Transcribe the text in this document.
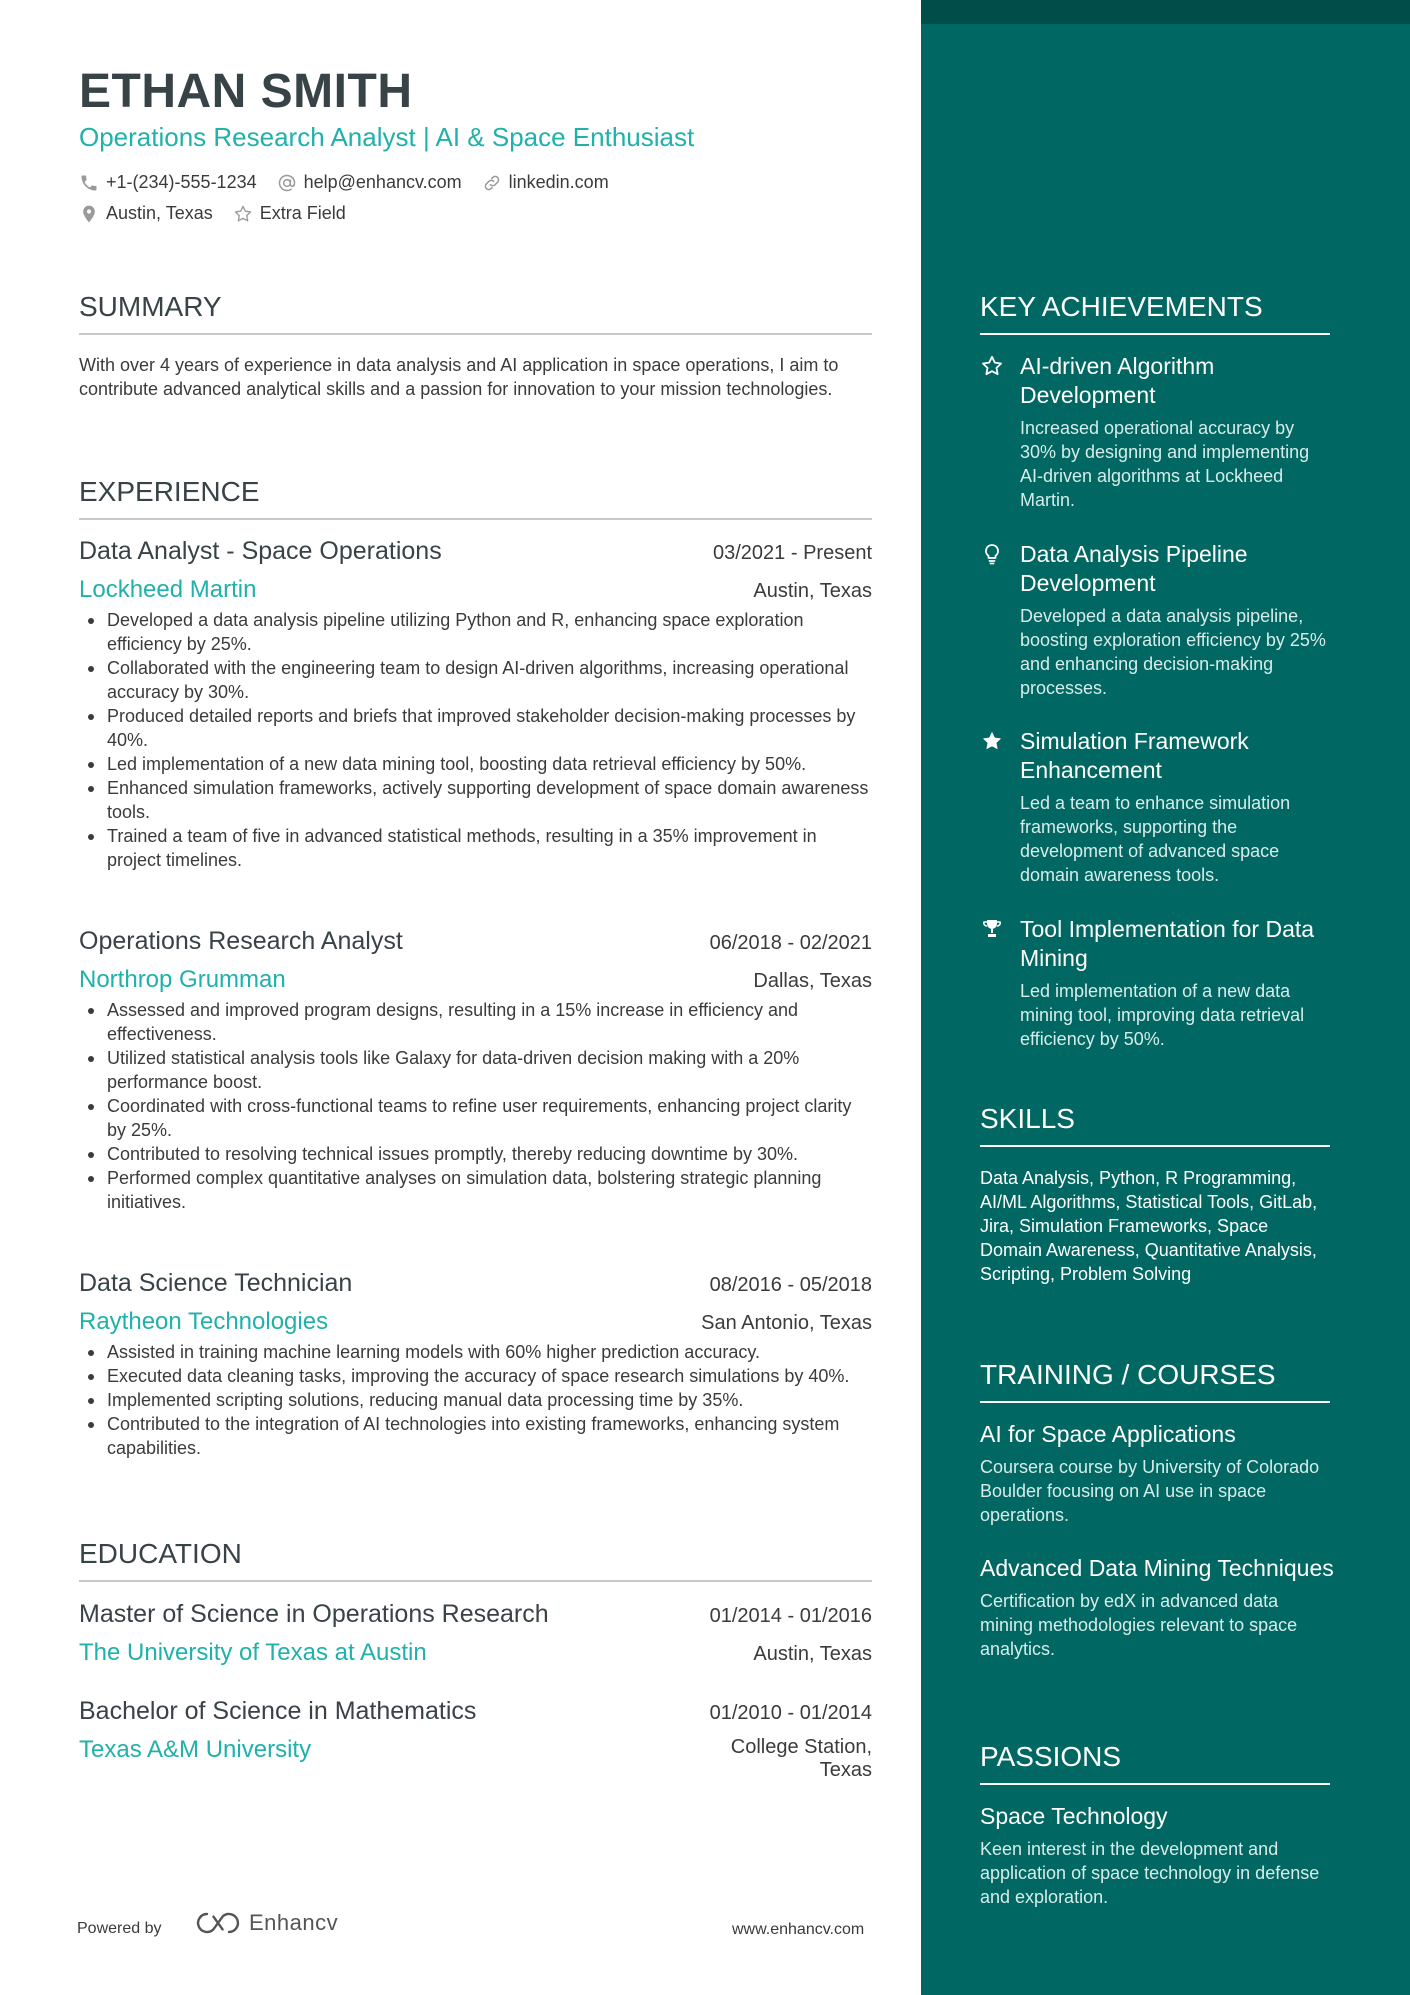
ETHAN SMITH
Operations Research Analyst | AI & Space Enthusiast
+1-(234)-555-1234	help@enhancv.com	linkedin.com
Austin, Texas	Extra Field
SUMMARY
With over 4 years of experience in data analysis and AI application in space operations, I aim to contribute advanced analytical skills and a passion for innovation to your mission technologies.
EXPERIENCE
Data Analyst - Space Operations	03/2021 - Present
Lockheed Martin	Austin, Texas
Developed a data analysis pipeline utilizing Python and R, enhancing space exploration efficiency by 25%.
Collaborated with the engineering team to design AI-driven algorithms, increasing operational accuracy by 30%.
Produced detailed reports and briefs that improved stakeholder decision-making processes by 40%.
Led implementation of a new data mining tool, boosting data retrieval efficiency by 50%.
Enhanced simulation frameworks, actively supporting development of space domain awareness tools.
Trained a team of five in advanced statistical methods, resulting in a 35% improvement in project timelines.
Operations Research Analyst	06/2018 - 02/2021
Northrop Grumman	Dallas, Texas
Assessed and improved program designs, resulting in a 15% increase in efficiency and effectiveness.
Utilized statistical analysis tools like Galaxy for data-driven decision making with a 20% performance boost.
Coordinated with cross-functional teams to refine user requirements, enhancing project clarity by 25%.
Contributed to resolving technical issues promptly, thereby reducing downtime by 30%.
Performed complex quantitative analyses on simulation data, bolstering strategic planning initiatives.
Data Science Technician	08/2016 - 05/2018
Raytheon Technologies	San Antonio, Texas
Assisted in training machine learning models with 60% higher prediction accuracy.
Executed data cleaning tasks, improving the accuracy of space research simulations by 40%.
Implemented scripting solutions, reducing manual data processing time by 35%.
Contributed to the integration of AI technologies into existing frameworks, enhancing system capabilities.
EDUCATION
Master of Science in Operations Research	01/2014 - 01/2016
The University of Texas at Austin	Austin, Texas
Bachelor of Science in Mathematics	01/2010 - 01/2014
Texas A&M University	College Station,
Texas
Powered by	Enhancv	www.enhancv.com
KEY ACHIEVEMENTS
AI-driven Algorithm Development
Increased operational accuracy by 30% by designing and implementing AI-driven algorithms at Lockheed Martin.
Data Analysis Pipeline Development
Developed a data analysis pipeline, boosting exploration efficiency by 25% and enhancing decision-making processes.
Simulation Framework Enhancement
Led a team to enhance simulation frameworks, supporting the development of advanced space domain awareness tools.
Tool Implementation for Data Mining
Led implementation of a new data mining tool, improving data retrieval efficiency by 50%.
SKILLS
Data Analysis, Python, R Programming, AI/ML Algorithms, Statistical Tools, GitLab, Jira, Simulation Frameworks, Space Domain Awareness, Quantitative Analysis, Scripting, Problem Solving
TRAINING / COURSES
AI for Space Applications
Coursera course by University of Colorado Boulder focusing on AI use in space operations.
Advanced Data Mining Techniques
Certification by edX in advanced data mining methodologies relevant to space analytics.
PASSIONS
Space Technology
Keen interest in the development and application of space technology in defense and exploration.
